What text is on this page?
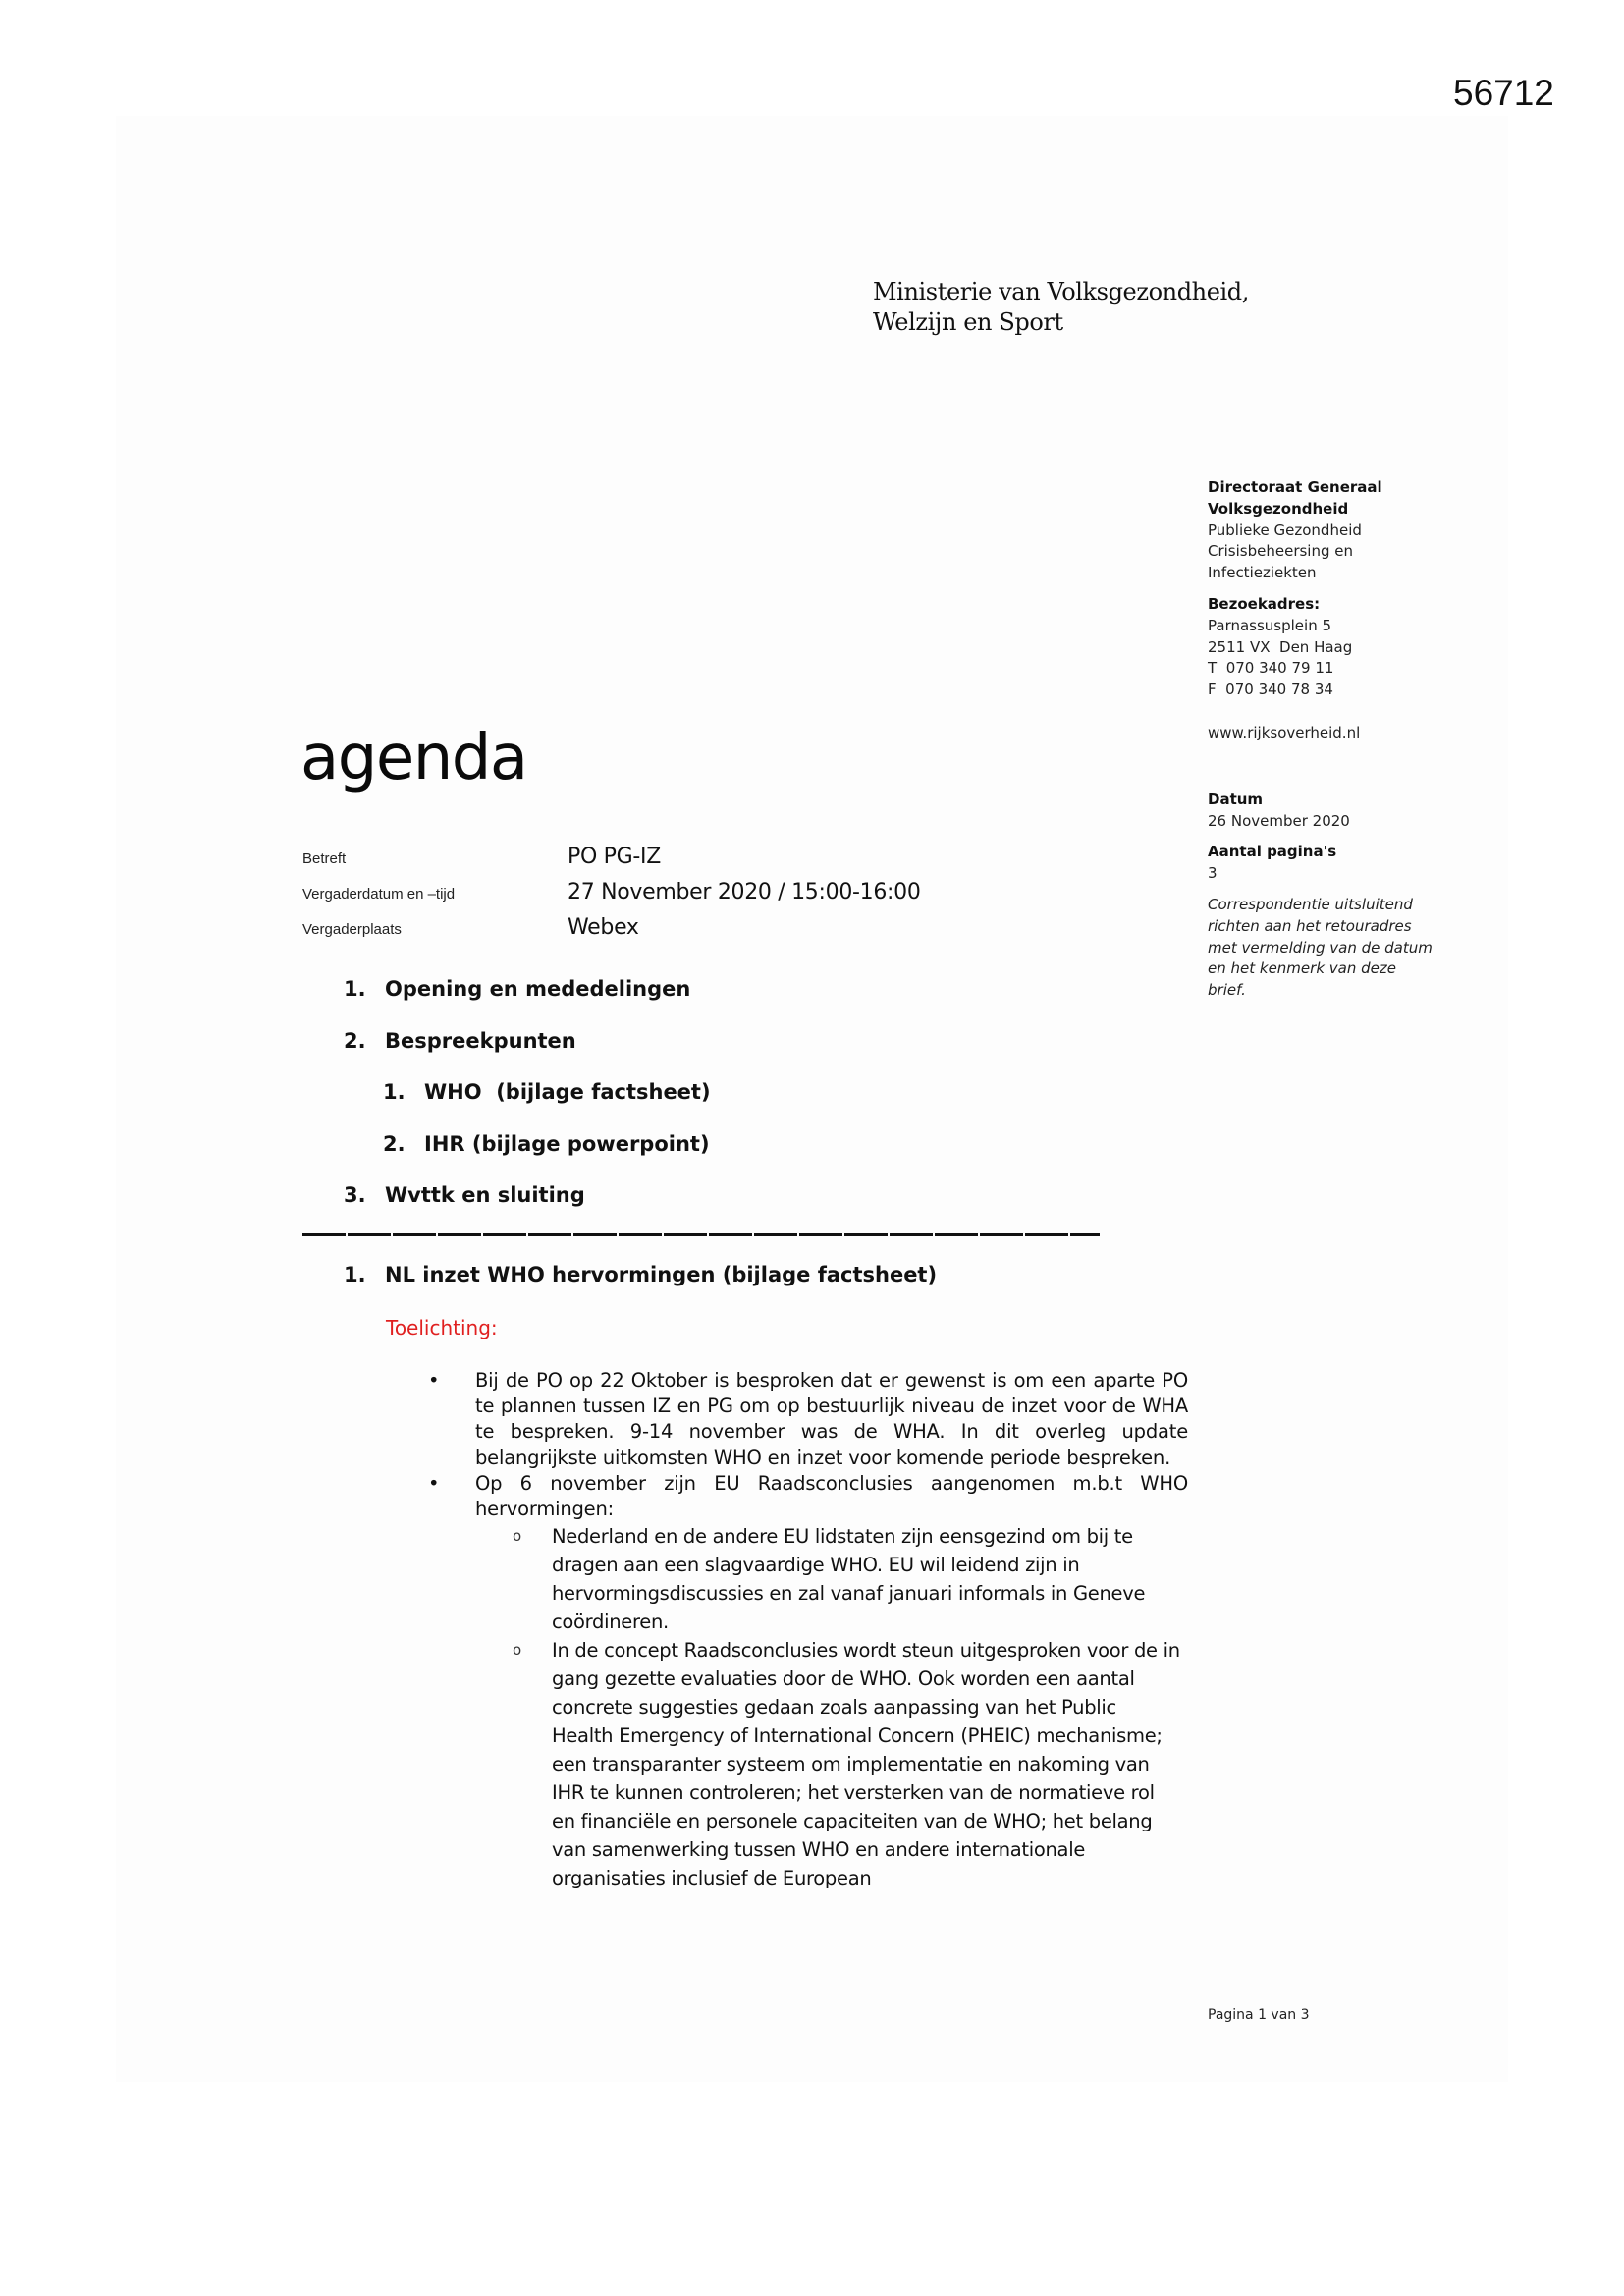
56712
Ministerie van Volksgezondheid,
Welzijn en Sport
Directoraat Generaal
Volksgezondheid
Publieke Gezondheid
Crisisbeheersing en
Infectieziekten
Bezoekadres:
Parnassusplein 5
2511 VX  Den Haag
T  070 340 79 11
F  070 340 78 34
www.rijksoverheid.nl
Datum
26 November 2020
Aantal pagina's
3
Correspondentie uitsluitend
richten aan het retouradres
met vermelding van de datum
en het kenmerk van deze
brief.
agenda
Betreft	PO PG-IZ
Vergaderdatum en –tijd	27 November 2020 / 15:00-16:00
Vergaderplaats	Webex
1. Opening en mededelingen
2. Bespreekpunten
1. WHO  (bijlage factsheet)
2. IHR (bijlage powerpoint)
3. Wvttk en sluiting
1. NL inzet WHO hervormingen (bijlage factsheet)
Toelichting:
•	Bij de PO op 22 Oktober is besproken dat er gewenst is om een aparte PO te plannen tussen IZ en PG om op bestuurlijk niveau de inzet voor de WHA te bespreken. 9-14 november was de WHA. In dit overleg update belangrijkste uitkomsten WHO en inzet voor komende periode bespreken.
•	Op 6 november zijn EU Raadsconclusies aangenomen m.b.t WHO hervormingen:
o	Nederland en de andere EU lidstaten zijn eensgezind om bij te dragen aan een slagvaardige WHO. EU wil leidend zijn in hervormingsdiscussies en zal vanaf januari informals in Geneve coördineren.
o	In de concept Raadsconclusies wordt steun uitgesproken voor de in gang gezette evaluaties door de WHO. Ook worden een aantal concrete suggesties gedaan zoals aanpassing van het Public Health Emergency of International Concern (PHEIC) mechanisme; een transparanter systeem om implementatie en nakoming van IHR te kunnen controleren; het versterken van de normatieve rol en financiële en personele capaciteiten van de WHO; het belang van samenwerking tussen WHO en andere internationale organisaties inclusief de European
Pagina 1 van 3
